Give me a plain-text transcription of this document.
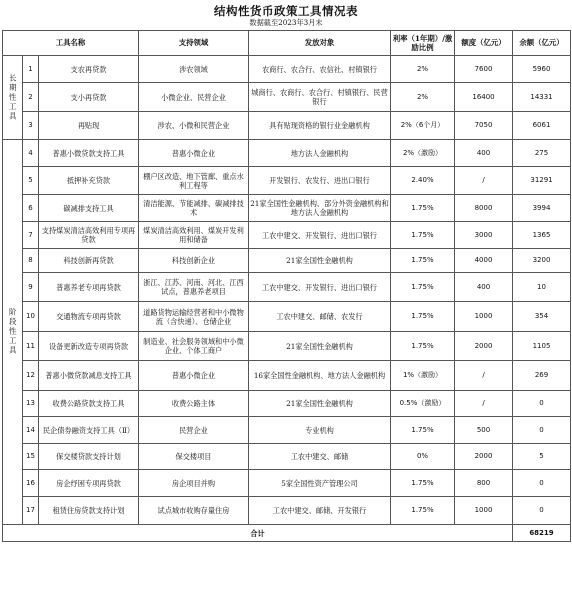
结构性货币政策工具情况表
数据截至2023年3月末
工具名称			支持领域	发放对象	利率（1年期）/激励比例	额度（亿元）	余额（亿元）
长期性工具	1	支农再贷款	涉农领域	农商行、农合行、农信社、村镇银行	2%	7600	5960
	2	支小再贷款	小微企业、民营企业	城商行、农商行、农合行、村镇银行、民营银行	2%	16400	14331
	3	再贴现	涉农、小微和民营企业	具有贴现资格的银行业金融机构	2%（6个月）	7050	6061
阶段性工具	4	普惠小微贷款支持工具	普惠小微企业	地方法人金融机构	2%（激励）	400	275
	5	抵押补充贷款	棚户区改造、地下管廊、重点水利工程等	开发银行、农发行、进出口银行	2.40%	/	31291
	6	碳减排支持工具	清洁能源、节能减排、碳减排技术	21家全国性金融机构、部分外资金融机构和地方法人金融机构	1.75%	8000	3994
	7	支持煤炭清洁高效利用专项再贷款	煤炭清洁高效利用、煤炭开发利用和储备	工农中建交、开发银行、进出口银行	1.75%	3000	1365
	8	科技创新再贷款	科技创新企业	21家全国性金融机构	1.75%	4000	3200
	9	普惠养老专项再贷款	浙江、江苏、河南、河北、江西试点，普惠养老项目	工农中建交、开发银行、进出口银行	1.75%	400	10
	10	交通物流专项再贷款	道路货物运输经营者和中小微物流（含快递）、仓储企业	工农中建交、邮储、农发行	1.75%	1000	354
	11	设备更新改造专项再贷款	制造业、社会服务领域和中小微企业、个体工商户	21家全国性金融机构	1.75%	2000	1105
	12	普惠小微贷款减息支持工具	普惠小微企业	16家全国性金融机构、地方法人金融机构	1%（激励）	/	269
	13	收费公路贷款支持工具	收费公路主体	21家全国性金融机构	0.5%（激励）	/	0
	14	民企债券融资支持工具（Ⅱ）	民营企业	专业机构	1.75%	500	0
	15	保交楼贷款支持计划	保交楼项目	工农中建交、邮储	0%	2000	5
	16	房企纾困专项再贷款	房企项目并购	5家全国性资产管理公司	1.75%	800	0
	17	租赁住房贷款支持计划	试点城市收购存量住房	工农中建交、邮储、开发银行	1.75%	1000	0
合计							68219
